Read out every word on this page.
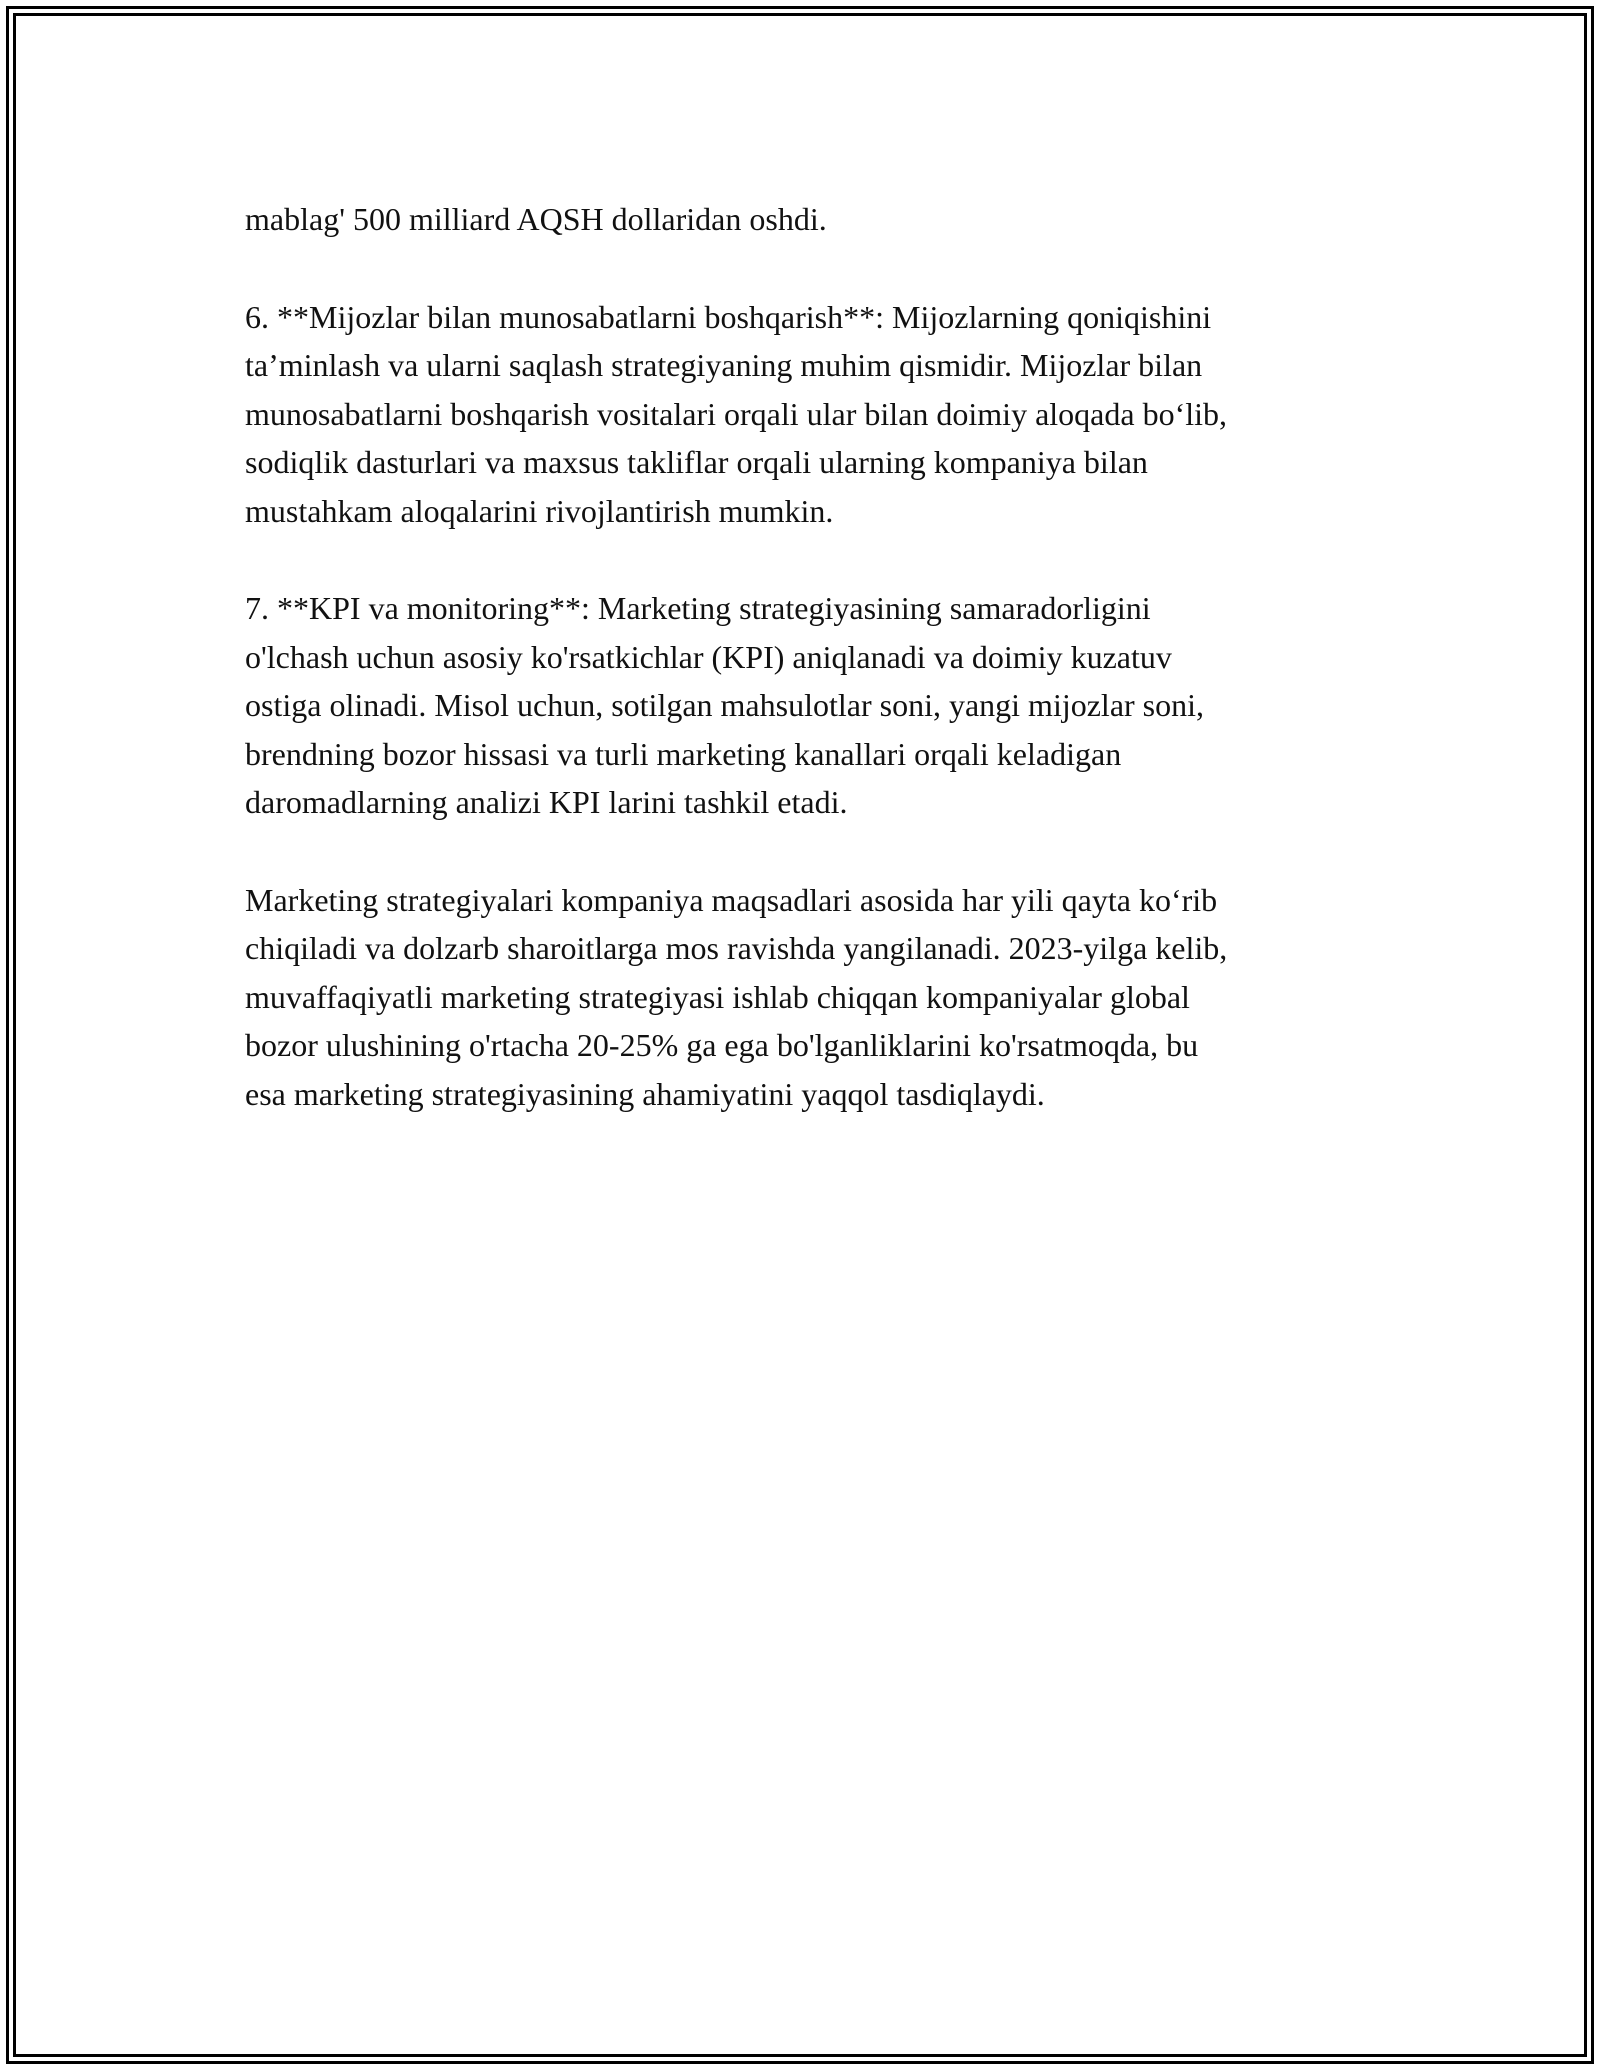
mablag' 500 milliard AQSH dollaridan oshdi.

6. **Mijozlar bilan munosabatlarni boshqarish**: Mijozlarning qoniqishini
ta’minlash va ularni saqlash strategiyaning muhim qismidir. Mijozlar bilan
munosabatlarni boshqarish vositalari orqali ular bilan doimiy aloqada bo‘lib,
sodiqlik dasturlari va maxsus takliflar orqali ularning kompaniya bilan
mustahkam aloqalarini rivojlantirish mumkin.

7. **KPI va monitoring**: Marketing strategiyasining samaradorligini
o'lchash uchun asosiy ko'rsatkichlar (KPI) aniqlanadi va doimiy kuzatuv
ostiga olinadi. Misol uchun, sotilgan mahsulotlar soni, yangi mijozlar soni,
brendning bozor hissasi va turli marketing kanallari orqali keladigan
daromadlarning analizi KPI larini tashkil etadi.

Marketing strategiyalari kompaniya maqsadlari asosida har yili qayta ko‘rib
chiqiladi va dolzarb sharoitlarga mos ravishda yangilanadi. 2023-yilga kelib,
muvaffaqiyatli marketing strategiyasi ishlab chiqqan kompaniyalar global
bozor ulushining o'rtacha 20-25% ga ega bo'lganliklarini ko'rsatmoqda, bu
esa marketing strategiyasining ahamiyatini yaqqol tasdiqlaydi.
